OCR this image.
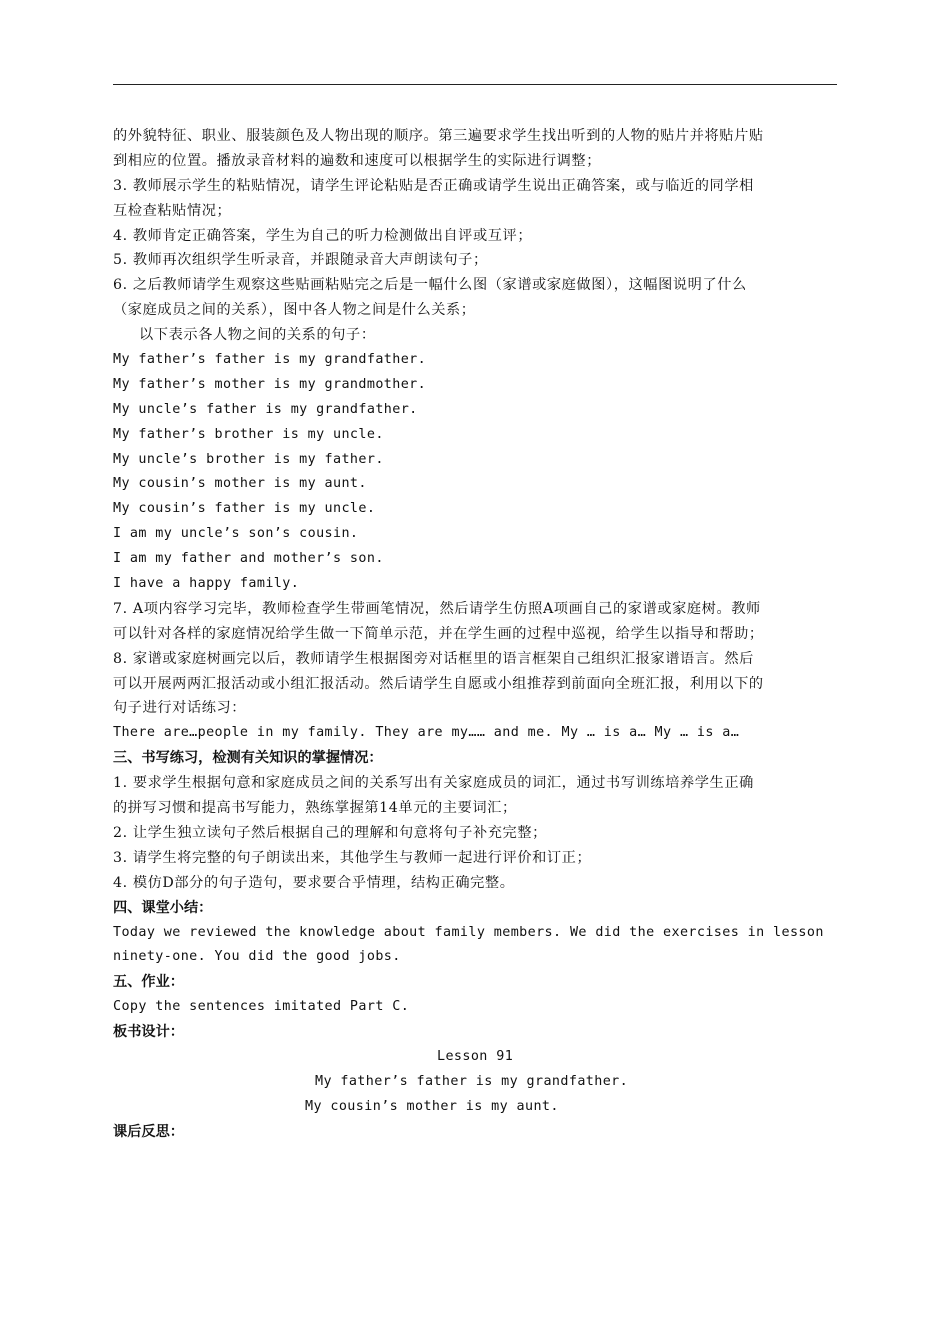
的外貌特征、职业、服装颜色及人物出现的顺序。第三遍要求学生找出听到的人物的贴片并将贴片贴
到相应的位置。播放录音材料的遍数和速度可以根据学生的实际进行调整；
3. 教师展示学生的粘贴情况，请学生评论粘贴是否正确或请学生说出正确答案，或与临近的同学相
互检查粘贴情况；
4. 教师肯定正确答案，学生为自己的听力检测做出自评或互评；
5. 教师再次组织学生听录音，并跟随录音大声朗读句子；
6. 之后教师请学生观察这些贴画粘贴完之后是一幅什么图（家谱或家庭做图），这幅图说明了什么
（家庭成员之间的关系），图中各人物之间是什么关系；
以下表示各人物之间的关系的句子：
My father’s father is my grandfather.
My father’s mother is my grandmother.
My uncle’s father is my grandfather.
My father’s brother is my uncle.
My uncle’s brother is my father.
My cousin’s mother is my aunt.
My cousin’s father is my uncle.
I am my uncle’s son’s cousin.
I am my father and mother’s son.
I have a happy family.
7. A项内容学习完毕，教师检查学生带画笔情况，然后请学生仿照A项画自己的家谱或家庭树。教师
可以针对各样的家庭情况给学生做一下简单示范，并在学生画的过程中巡视，给学生以指导和帮助；
8. 家谱或家庭树画完以后，教师请学生根据图旁对话框里的语言框架自己组织汇报家谱语言。然后
可以开展两两汇报活动或小组汇报活动。然后请学生自愿或小组推荐到前面向全班汇报，利用以下的
句子进行对话练习：
There are…people in my family. They are my…… and me. My … is a… My … is a…
三、书写练习，检测有关知识的掌握情况：
1. 要求学生根据句意和家庭成员之间的关系写出有关家庭成员的词汇，通过书写训练培养学生正确
的拼写习惯和提高书写能力，熟练掌握第14单元的主要词汇；
2. 让学生独立读句子然后根据自己的理解和句意将句子补充完整；
3. 请学生将完整的句子朗读出来，其他学生与教师一起进行评价和订正；
4. 模仿D部分的句子造句，要求要合乎情理，结构正确完整。
四、课堂小结：
Today we reviewed the knowledge about family members. We did the exercises in lesson
ninety-one. You did the good jobs.
五、作业：
Copy the sentences imitated Part C.
板书设计：
Lesson 91
My father’s father is my grandfather.
My cousin’s mother is my aunt.
课后反思：
